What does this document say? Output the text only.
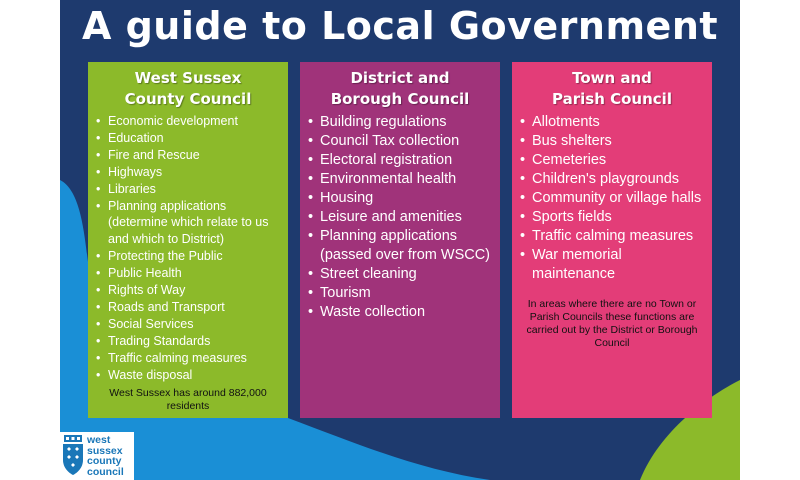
A guide to Local Government
West Sussex
County Council
• Economic development
• Education
• Fire and Rescue
• Highways
• Libraries
• Planning applications (determine which relate to us and which to District)
• Protecting the Public
• Public Health
• Rights of Way
• Roads and Transport
• Social Services
• Trading Standards
• Traffic calming measures
• Waste disposal

West Sussex has around 882,000 residents

District and
Borough Council
• Building regulations
• Council Tax collection
• Electoral registration
• Environmental health
• Housing
• Leisure and amenities
• Planning applications (passed over from WSCC)
• Street cleaning
• Tourism
• Waste collection
Town and
Parish Council
• Allotments
• Bus shelters
• Cemeteries
• Children's playgrounds
• Community or village halls
• Sports fields
• Traffic calming measures
• War memorial maintenance

In areas where there are no Town or Parish Councils these functions are carried out by the District or Borough Council

west
sussex
county
council
